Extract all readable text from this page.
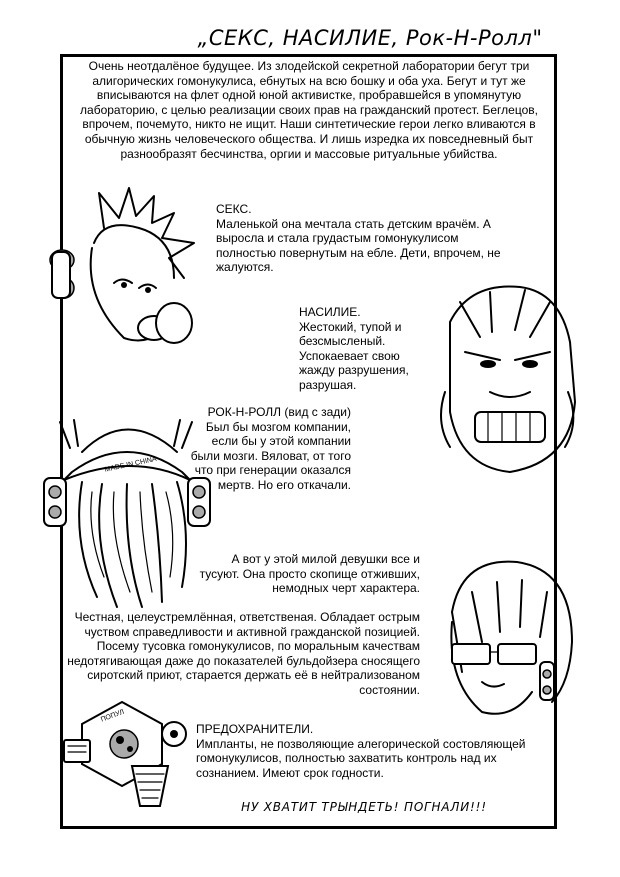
„СЕКС, НАСИЛИЕ, Рок-Н-Ролл"

Очень неотдалёное будущее. Из злодейской секретной лаборатории бегут три алигорических гомонукулиса, ебнутых на всю бошку и оба уха. Бегут и тут же вписываются на флет одной юной активистке, пробравшейся в упомянутую лабораторию, с целью реализации своих прав на гражданский протест. Беглецов, впрочем, почемуто, никто не ищит. Наши синтетические герои легко вливаются в обычную жизнь человеческого общества. И лишь изредка их повседневный быт разнообразят бесчинства, оргии и массовые ритуальные убийства.

СЕКС.

Маленькой она мечтала стать детским врачём. А выросла и стала грудастым гомонукулисом полностью повернутым на ебле. Дети, впрочем, не жалуются.

НАСИЛИЕ.

Жестокий, тупой и безсмысленый. Успокаевает свою жажду разрушения, разрушая.

РОК-Н-РОЛЛ (вид с зади)

Был бы мозгом компании, если бы у этой компании были мозги. Вяловат, от того что при генерации оказался мертв. Но его откачали.

MADE IN CHINA

А вот у этой милой девушки все и тусуют. Она просто скопище отживших, немодных черт характера.

Честная, целеустремлённая, ответственая. Обладает острым чуством справедливости и активной гражданской позицией. Посему тусовка гомонукулисов, по моральным качествам недотягивающая даже до показателей бульдойзера сносящего сиротский приют, старается держать её в нейтрализованом состоянии.

ПОПУЛ

ПРЕДОХРАНИТЕЛИ.

Импланты, не позволяющие алегорической состовляющей гомонукулисов, полностью захватить контроль над их сознанием. Имеют срок годности.

НУ ХВАТИТ ТРЫНДЕТЬ! ПОГНАЛИ!!!
